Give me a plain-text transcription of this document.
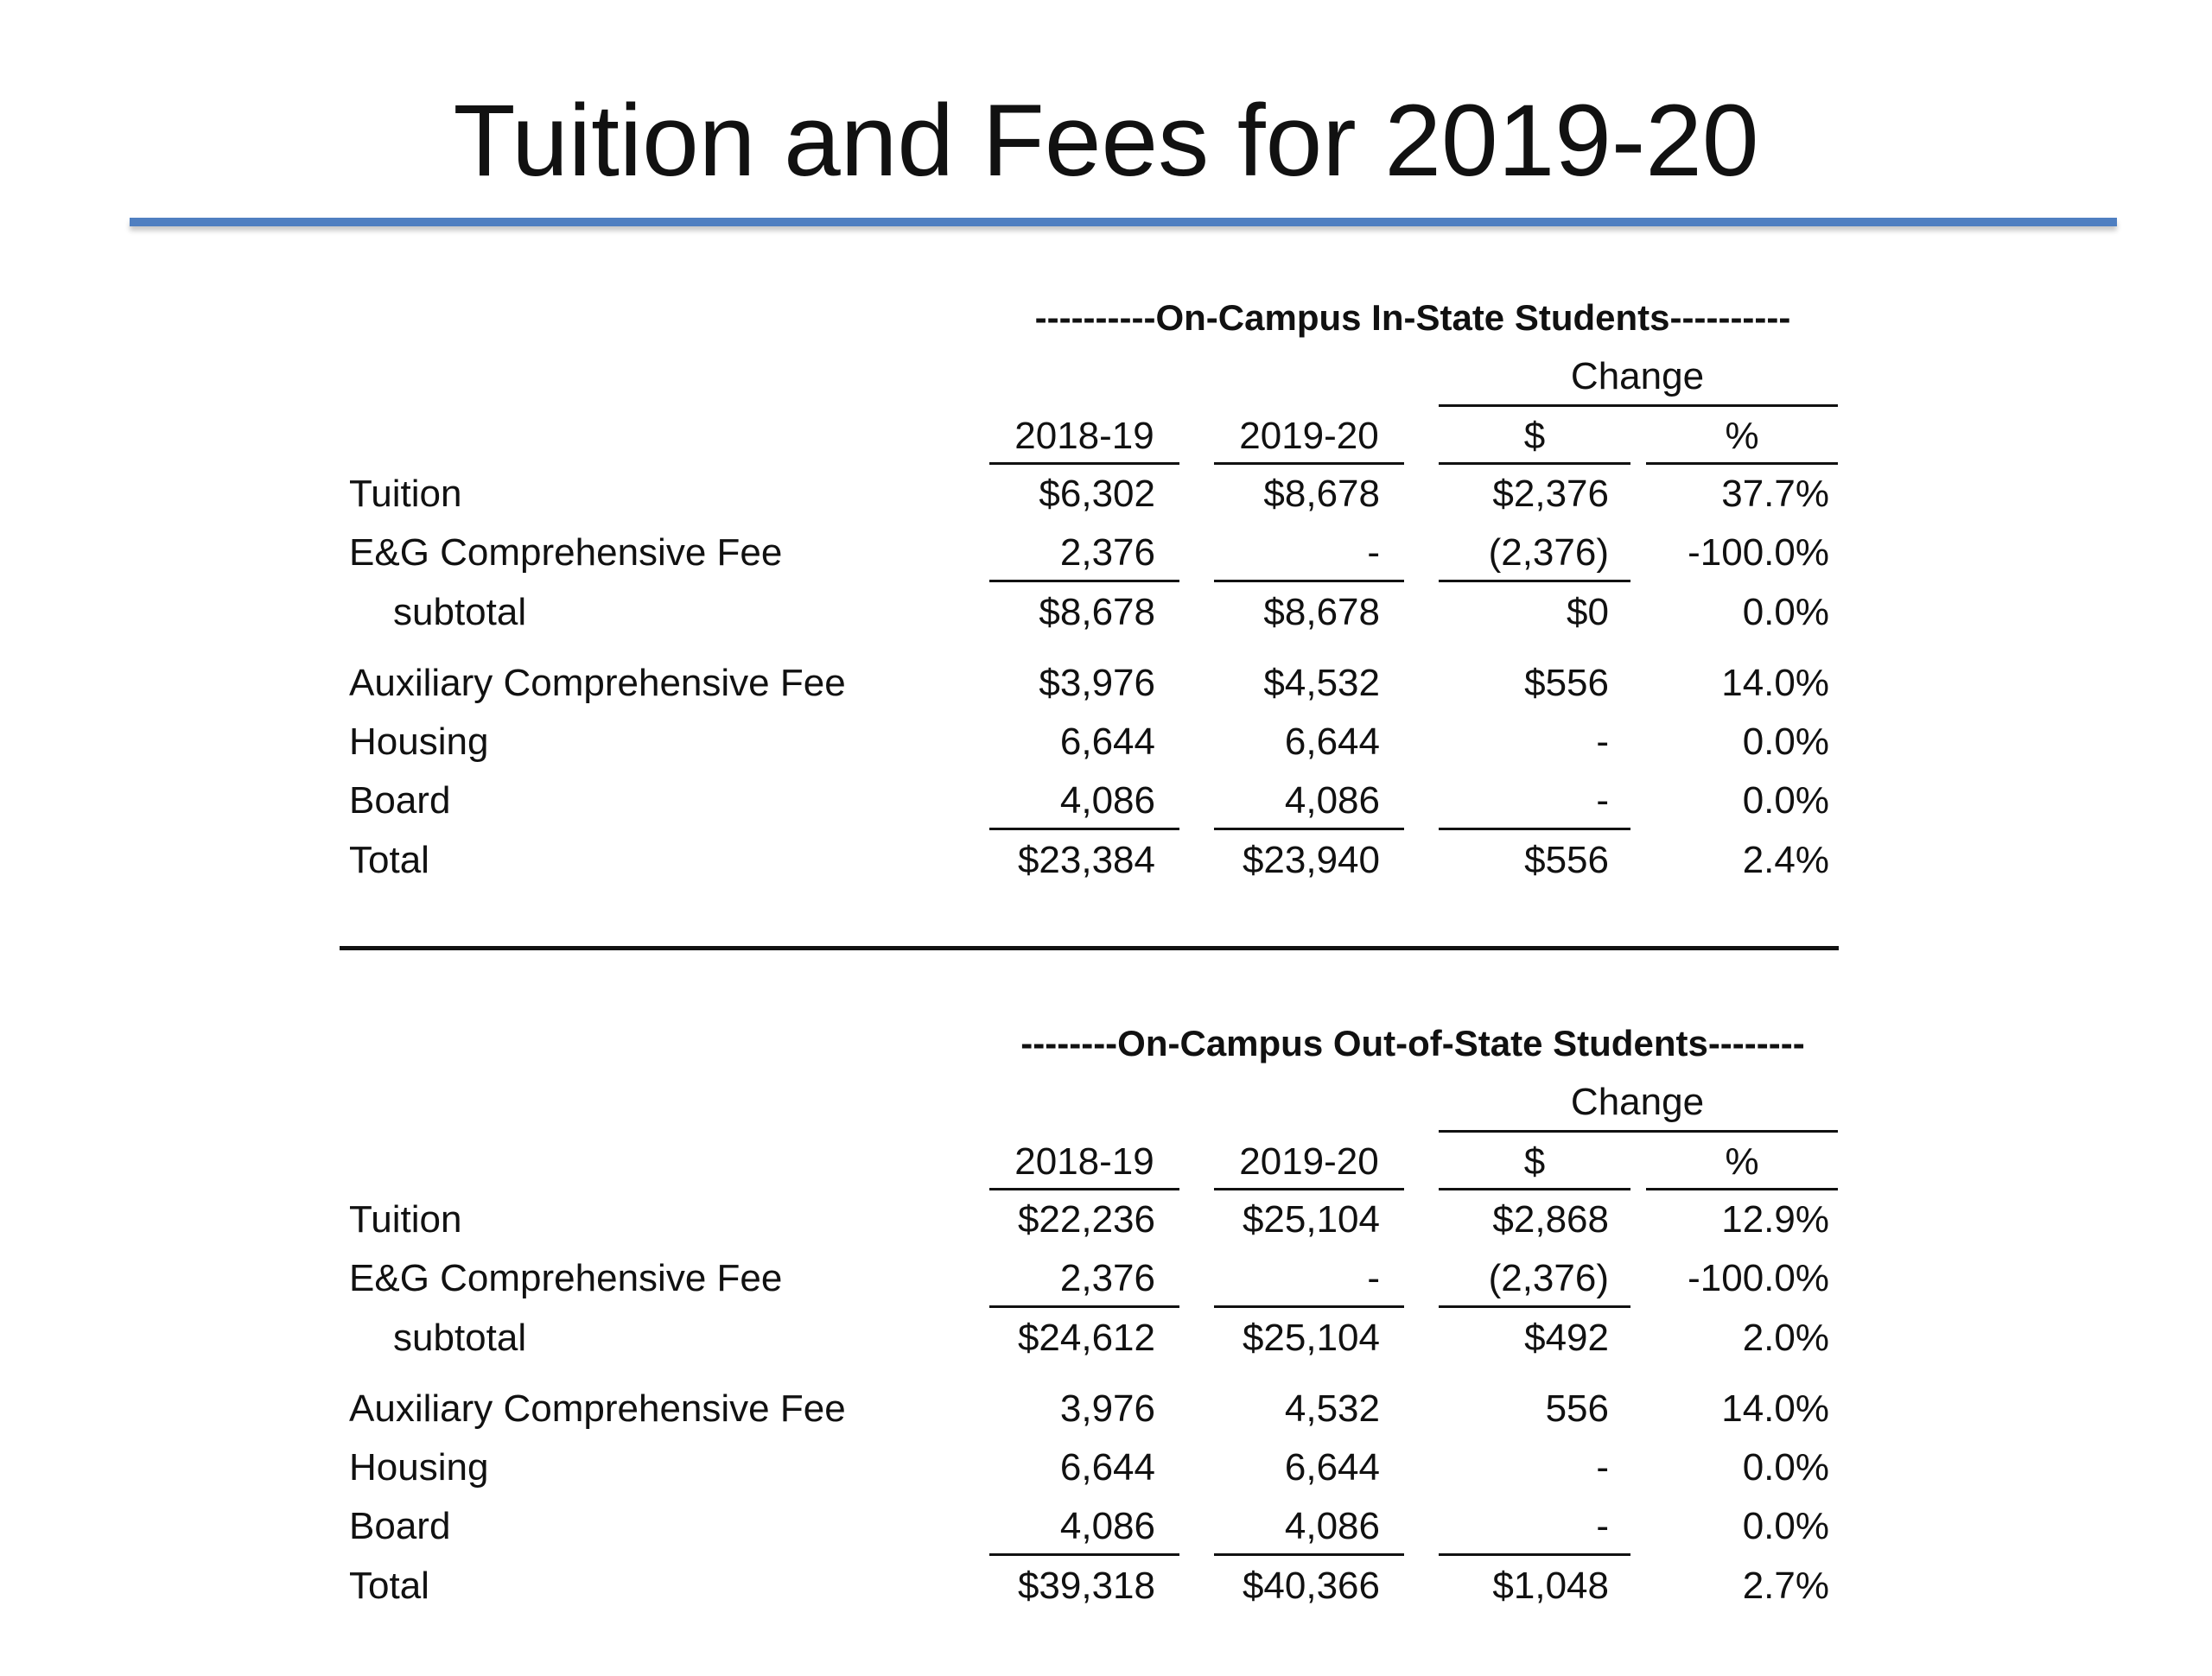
Tuition and Fees for 2019-20
----------On-Campus In-State Students----------
Change
2018-19	2019-20	$	%
Tuition	$6,302	$8,678	$2,376	37.7%
E&G Comprehensive Fee	2,376	-	(2,376)	-100.0%
subtotal	$8,678	$8,678	$0	0.0%
Auxiliary Comprehensive Fee	$3,976	$4,532	$556	14.0%
Housing	6,644	6,644	-	0.0%
Board	4,086	4,086	-	0.0%
Total	$23,384	$23,940	$556	2.4%
--------On-Campus Out-of-State Students--------
Change
2018-19	2019-20	$	%
Tuition	$22,236	$25,104	$2,868	12.9%
E&G Comprehensive Fee	2,376	-	(2,376)	-100.0%
subtotal	$24,612	$25,104	$492	2.0%
Auxiliary Comprehensive Fee	3,976	4,532	556	14.0%
Housing	6,644	6,644	-	0.0%
Board	4,086	4,086	-	0.0%
Total	$39,318	$40,366	$1,048	2.7%
